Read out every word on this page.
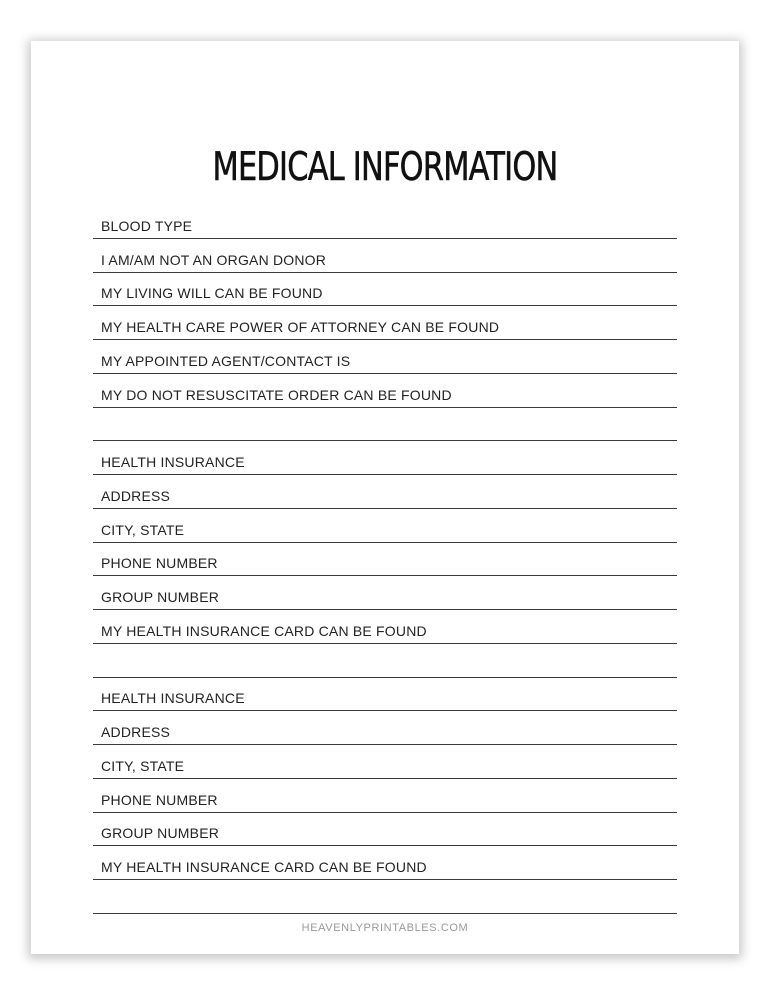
MEDICAL INFORMATION
BLOOD TYPE
I AM/AM NOT AN ORGAN DONOR
MY LIVING WILL CAN BE FOUND
MY HEALTH CARE POWER OF ATTORNEY CAN BE FOUND
MY APPOINTED AGENT/CONTACT IS
MY DO NOT RESUSCITATE ORDER CAN BE FOUND
HEALTH INSURANCE
ADDRESS
CITY, STATE
PHONE NUMBER
GROUP NUMBER
MY HEALTH INSURANCE CARD CAN BE FOUND
HEALTH INSURANCE
ADDRESS
CITY, STATE
PHONE NUMBER
GROUP NUMBER
MY HEALTH INSURANCE CARD CAN BE FOUND
HEAVENLYPRINTABLES.COM
